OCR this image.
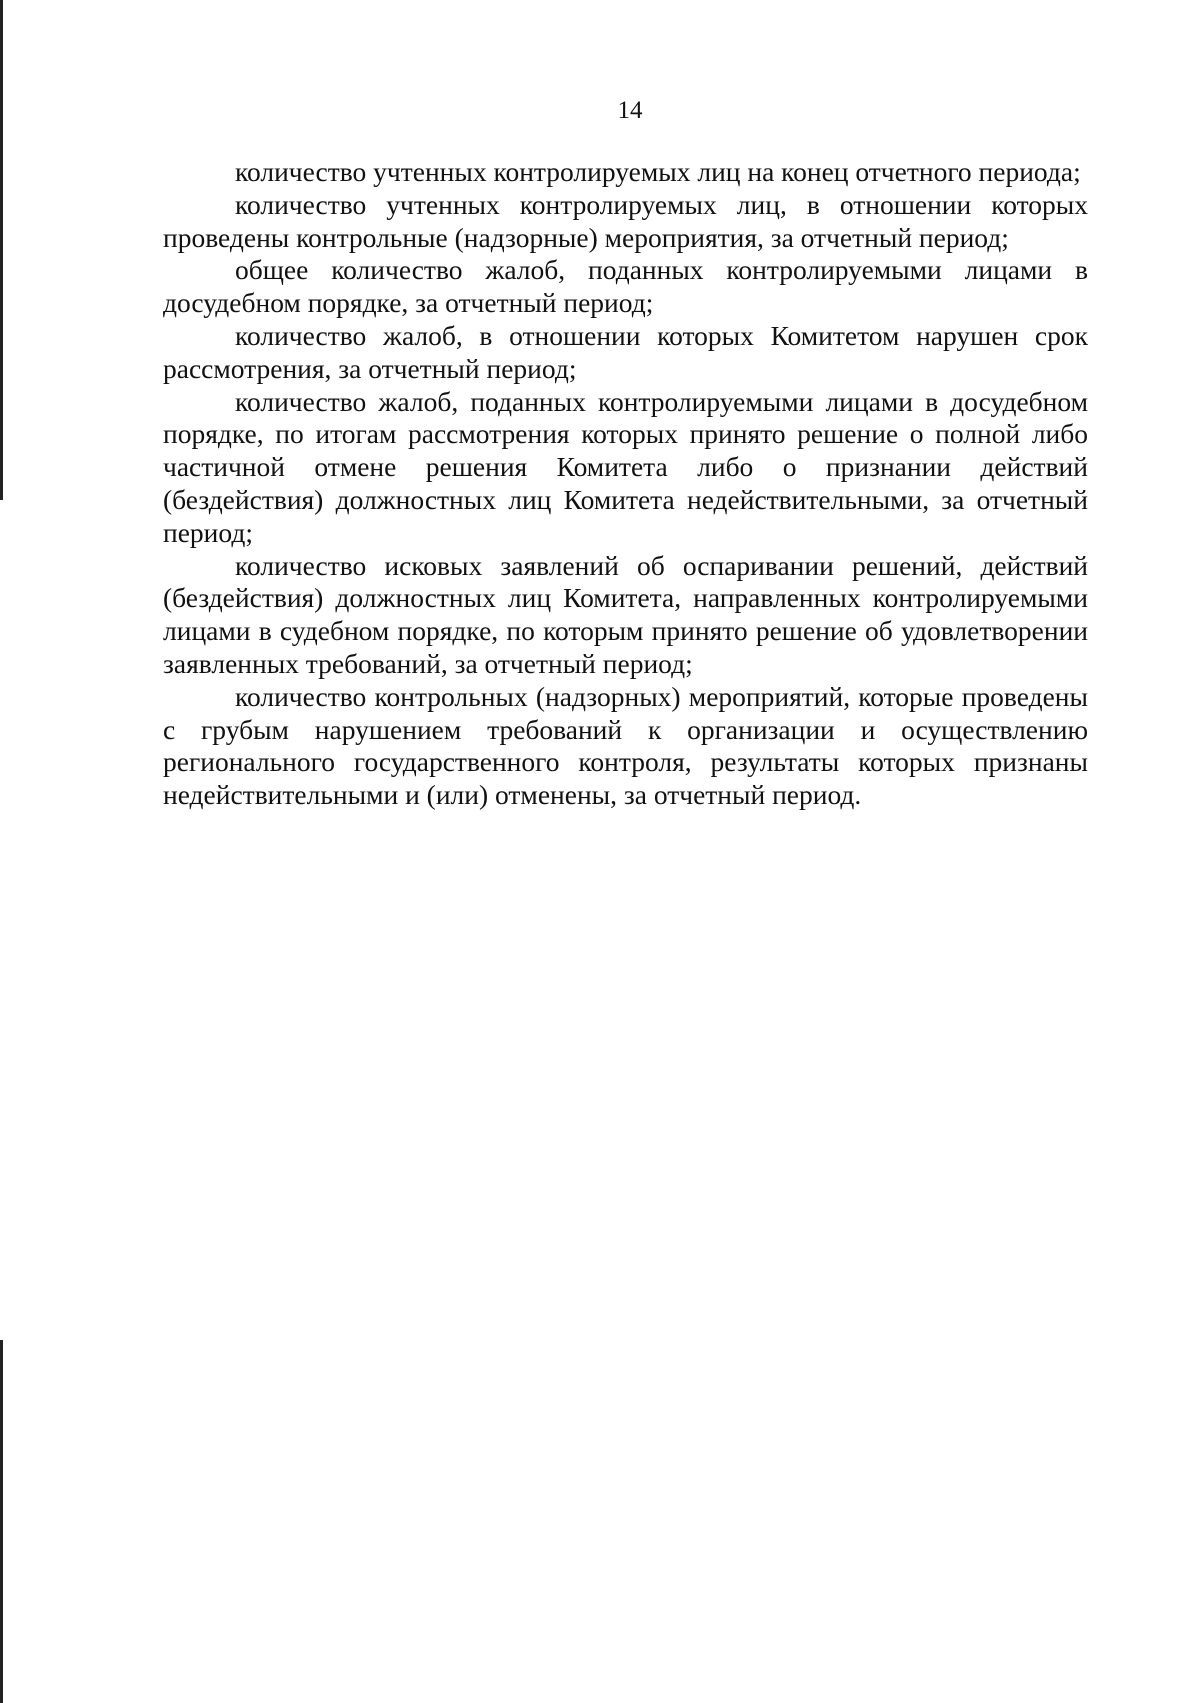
14

количество учтенных контролируемых лиц на конец отчетного периода;

количество учтенных контролируемых лиц, в отношении которых проведены контрольные (надзорные) мероприятия, за отчетный период;

общее количество жалоб, поданных контролируемыми лицами в досудебном порядке, за отчетный период;

количество жалоб, в отношении которых Комитетом нарушен срок рассмотрения, за отчетный период;

количество жалоб, поданных контролируемыми лицами в досудебном порядке, по итогам рассмотрения которых принято решение о полной либо частичной отмене решения Комитета либо о признании действий (бездействия) должностных лиц Комитета недействительными, за отчетный период;

количество исковых заявлений об оспаривании решений, действий (бездействия) должностных лиц Комитета, направленных контролируемыми лицами в судебном порядке, по которым принято решение об удовлетворении заявленных требований, за отчетный период;

количество контрольных (надзорных) мероприятий, которые проведены с грубым нарушением требований к организации и осуществлению регионального государственного контроля, результаты которых признаны недействительными и (или) отменены, за отчетный период.
